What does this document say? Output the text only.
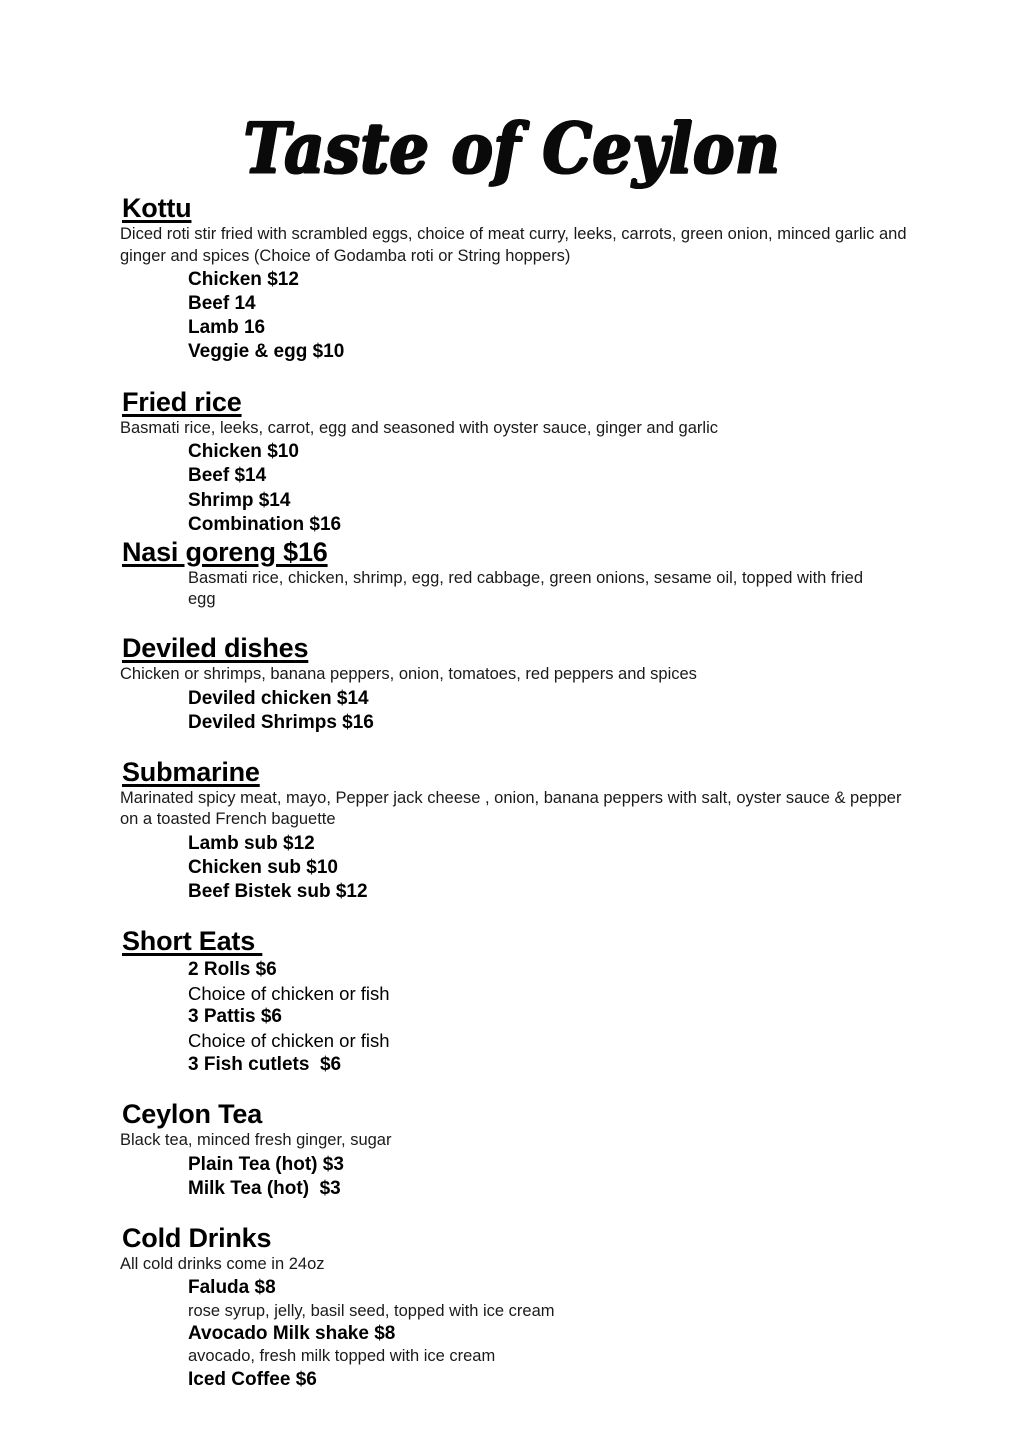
Taste of Ceylon
Kottu
Diced roti stir fried with scrambled eggs, choice of meat curry, leeks, carrots, green onion, minced garlic and ginger and spices (Choice of Godamba roti or String hoppers)
Chicken $12
Beef 14
Lamb 16
Veggie & egg $10
Fried rice
Basmati rice, leeks, carrot, egg and seasoned with oyster sauce, ginger and garlic
Chicken $10
Beef $14
Shrimp $14
Combination $16
Nasi goreng $16
Basmati rice, chicken, shrimp, egg, red cabbage, green onions, sesame oil, topped with fried egg
Deviled dishes
Chicken or shrimps, banana peppers, onion, tomatoes, red peppers and spices
Deviled chicken $14
Deviled Shrimps $16
Submarine
Marinated spicy meat, mayo, Pepper jack cheese , onion, banana peppers with salt, oyster sauce & pepper on a toasted French baguette
Lamb sub $12
Chicken sub $10
Beef Bistek sub $12
Short Eats
2 Rolls $6
Choice of chicken or fish
3 Pattis $6
Choice of chicken or fish
3 Fish cutlets  $6
Ceylon Tea
Black tea, minced fresh ginger, sugar
Plain Tea (hot) $3
Milk Tea (hot)  $3
Cold Drinks
All cold drinks come in 24oz
Faluda $8
rose syrup, jelly, basil seed, topped with ice cream
Avocado Milk shake $8
avocado, fresh milk topped with ice cream
Iced Coffee $6
